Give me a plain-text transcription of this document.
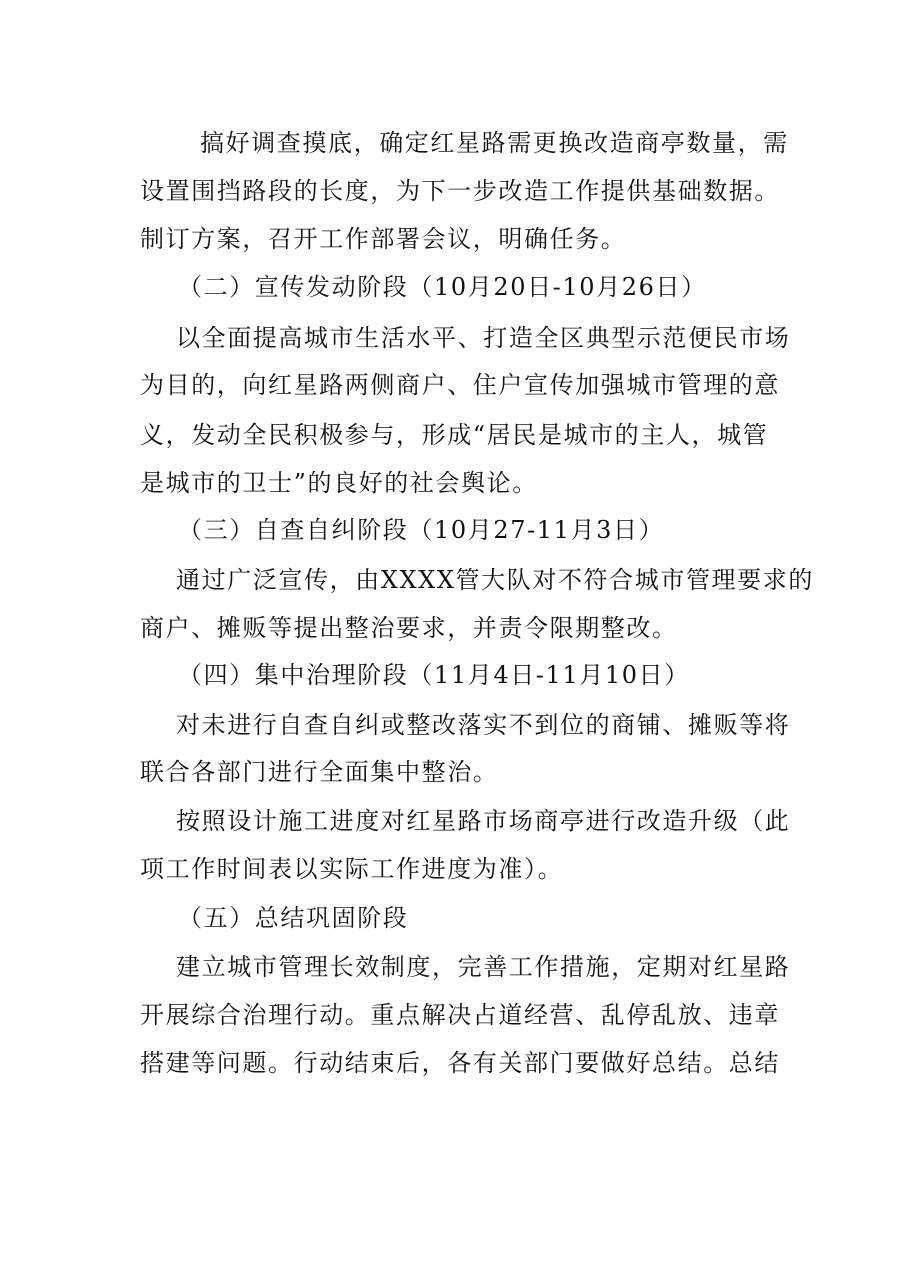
搞好调查摸底，确定红星路需更换改造商亭数量，需
设置围挡路段的长度，为下一步改造工作提供基础数据。
制订方案，召开工作部署会议，明确任务。
（二）宣传发动阶段（10月20日-10月26日）
以全面提高城市生活水平、打造全区典型示范便民市场
为目的，向红星路两侧商户、住户宣传加强城市管理的意
义，发动全民积极参与，形成“居民是城市的主人，城管
是城市的卫士”的良好的社会舆论。
（三）自查自纠阶段（10月27-11月3日）
通过广泛宣传，由XXXX管大队对不符合城市管理要求的
商户、摊贩等提出整治要求，并责令限期整改。
（四）集中治理阶段（11月4日-11月10日）
对未进行自查自纠或整改落实不到位的商铺、摊贩等将
联合各部门进行全面集中整治。
按照设计施工进度对红星路市场商亭进行改造升级（此
项工作时间表以实际工作进度为准）。
（五）总结巩固阶段
建立城市管理长效制度，完善工作措施，定期对红星路
开展综合治理行动。重点解决占道经营、乱停乱放、违章
搭建等问题。行动结束后，各有关部门要做好总结。总结
